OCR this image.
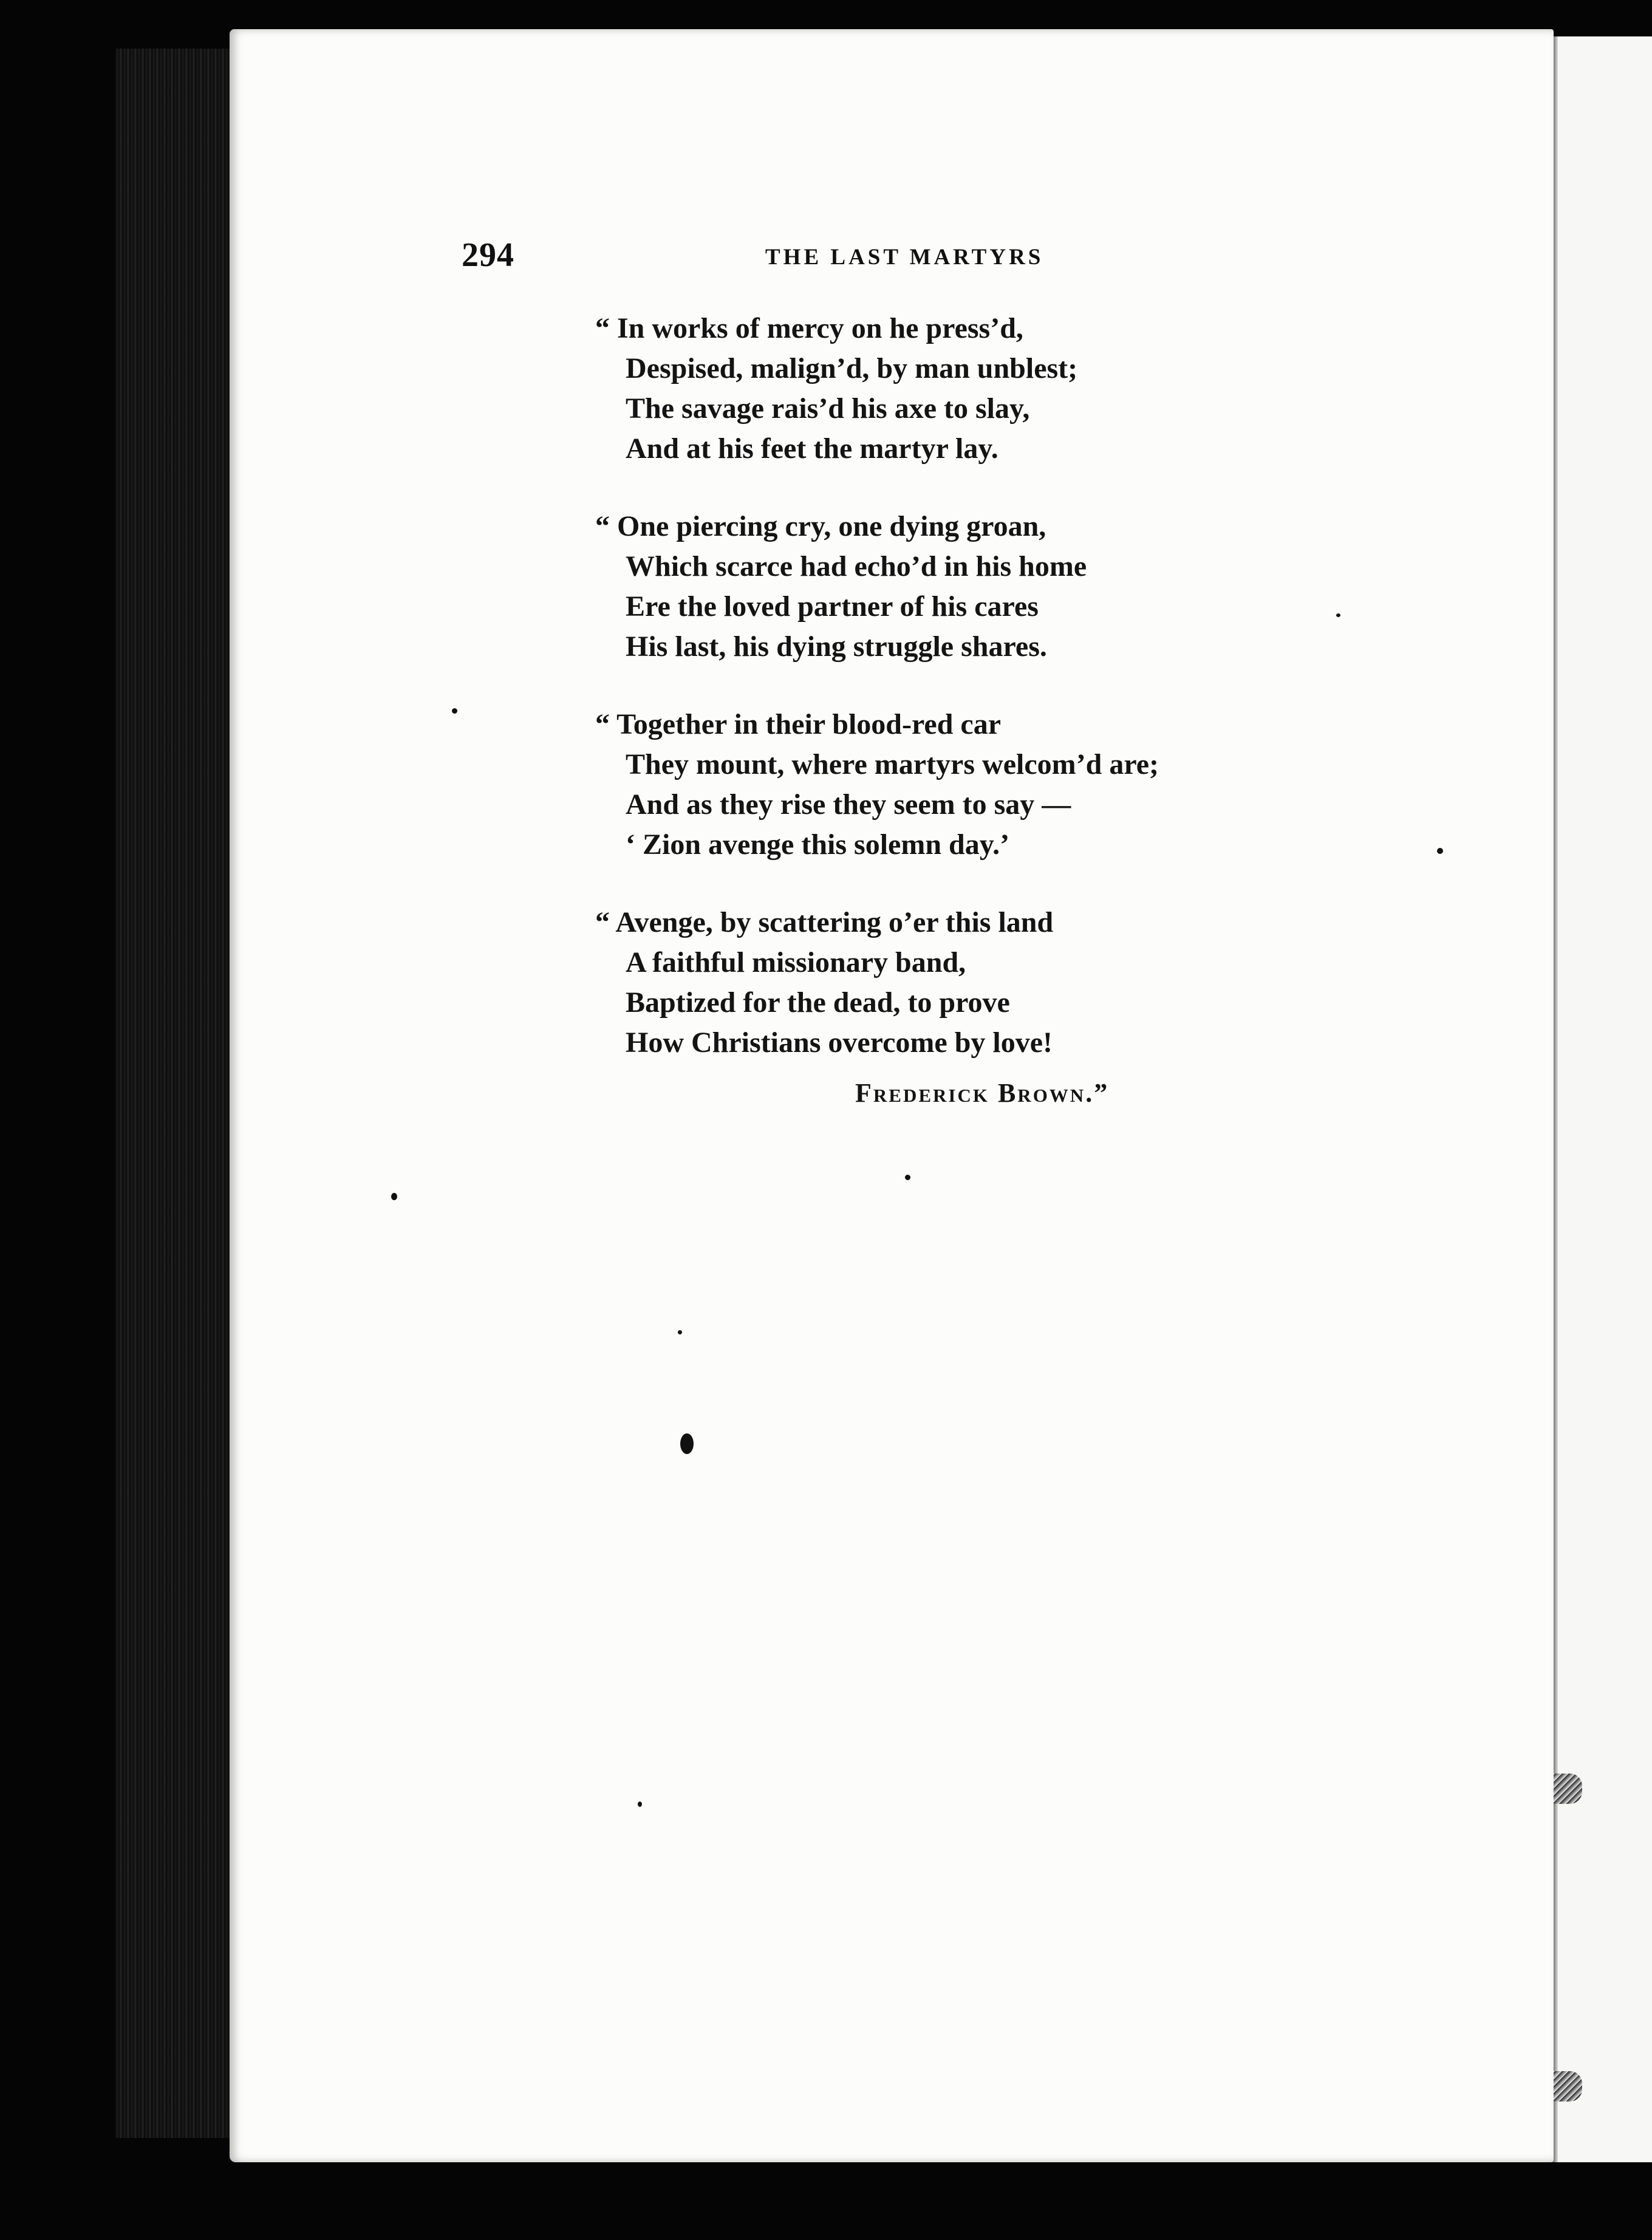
294	THE LAST MARTYRS
“ In works of mercy on he press’d,
Despised, malign’d, by man unblest;
The savage rais’d his axe to slay,
And at his feet the martyr lay.
“ One piercing cry, one dying groan,
Which scarce had echo’d in his home
Ere the loved partner of his cares
His last, his dying struggle shares.
“ Together in their blood-red car
They mount, where martyrs welcom’d are;
And as they rise they seem to say —
‘ Zion avenge this solemn day.’
“ Avenge, by scattering o’er this land
A faithful missionary band,
Baptized for the dead, to prove
How Christians overcome by love!
Frederick Brown.”
